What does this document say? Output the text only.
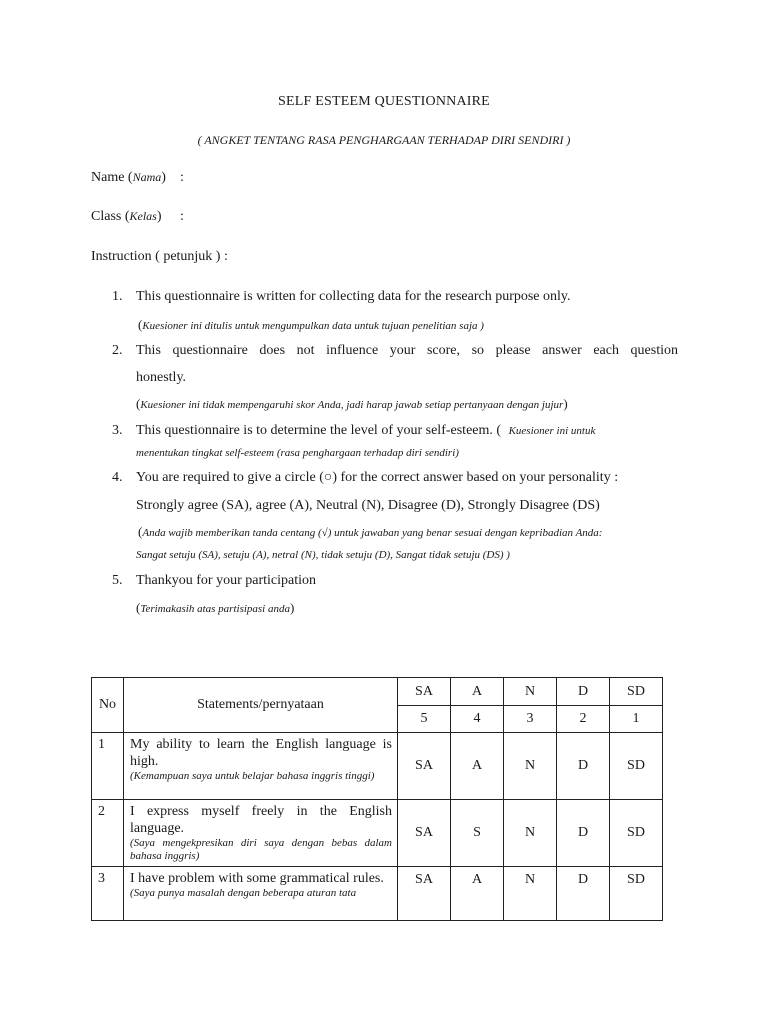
SELF ESTEEM QUESTIONNAIRE
( ANGKET TENTANG RASA PENGHARGAAN TERHADAP DIRI SENDIRI )
Name (Nama) :
Class (Kelas) :
Instruction ( petunjuk ) :
1. This questionnaire is written for collecting data for the research purpose only.
(Kuesioner ini ditulis untuk mengumpulkan data untuk tujuan penelitian saja )
2. This questionnaire does not influence your score, so please answer each question
honestly.
(Kuesioner ini tidak mempengaruhi skor Anda, jadi harap jawab setiap pertanyaan dengan jujur)
3. This questionnaire is to determine the level of your self-esteem. ( Kuesioner ini untuk
menentukan tingkat self-esteem (rasa penghargaan terhadap diri sendiri)
4. You are required to give a circle (○) for the correct answer based on your personality :
Strongly agree (SA), agree (A), Neutral (N), Disagree (D), Strongly Disagree (DS)
(Anda wajib memberikan tanda centang (√) untuk jawaban yang benar sesuai dengan kepribadian Anda:
Sangat setuju (SA), setuju (A), netral (N), tidak setuju (D), Sangat tidak setuju (DS) )
5. Thankyou for your participation
(Terimakasih atas partisipasi anda)
No	Statements/pernyataan	SA	A	N	D	SD
		5	4	3	2	1
1	My ability to learn the English language is high.
(Kemampuan saya untuk belajar bahasa inggris tinggi)	SA	A	N	D	SD
2	I express myself freely in the English language.
(Saya mengekpresikan diri saya dengan bebas dalam bahasa inggris)	SA	S	N	D	SD
3	I have problem with some grammatical rules.
(Saya punya masalah dengan beberapa aturan tata	SA	A	N	D	SD
